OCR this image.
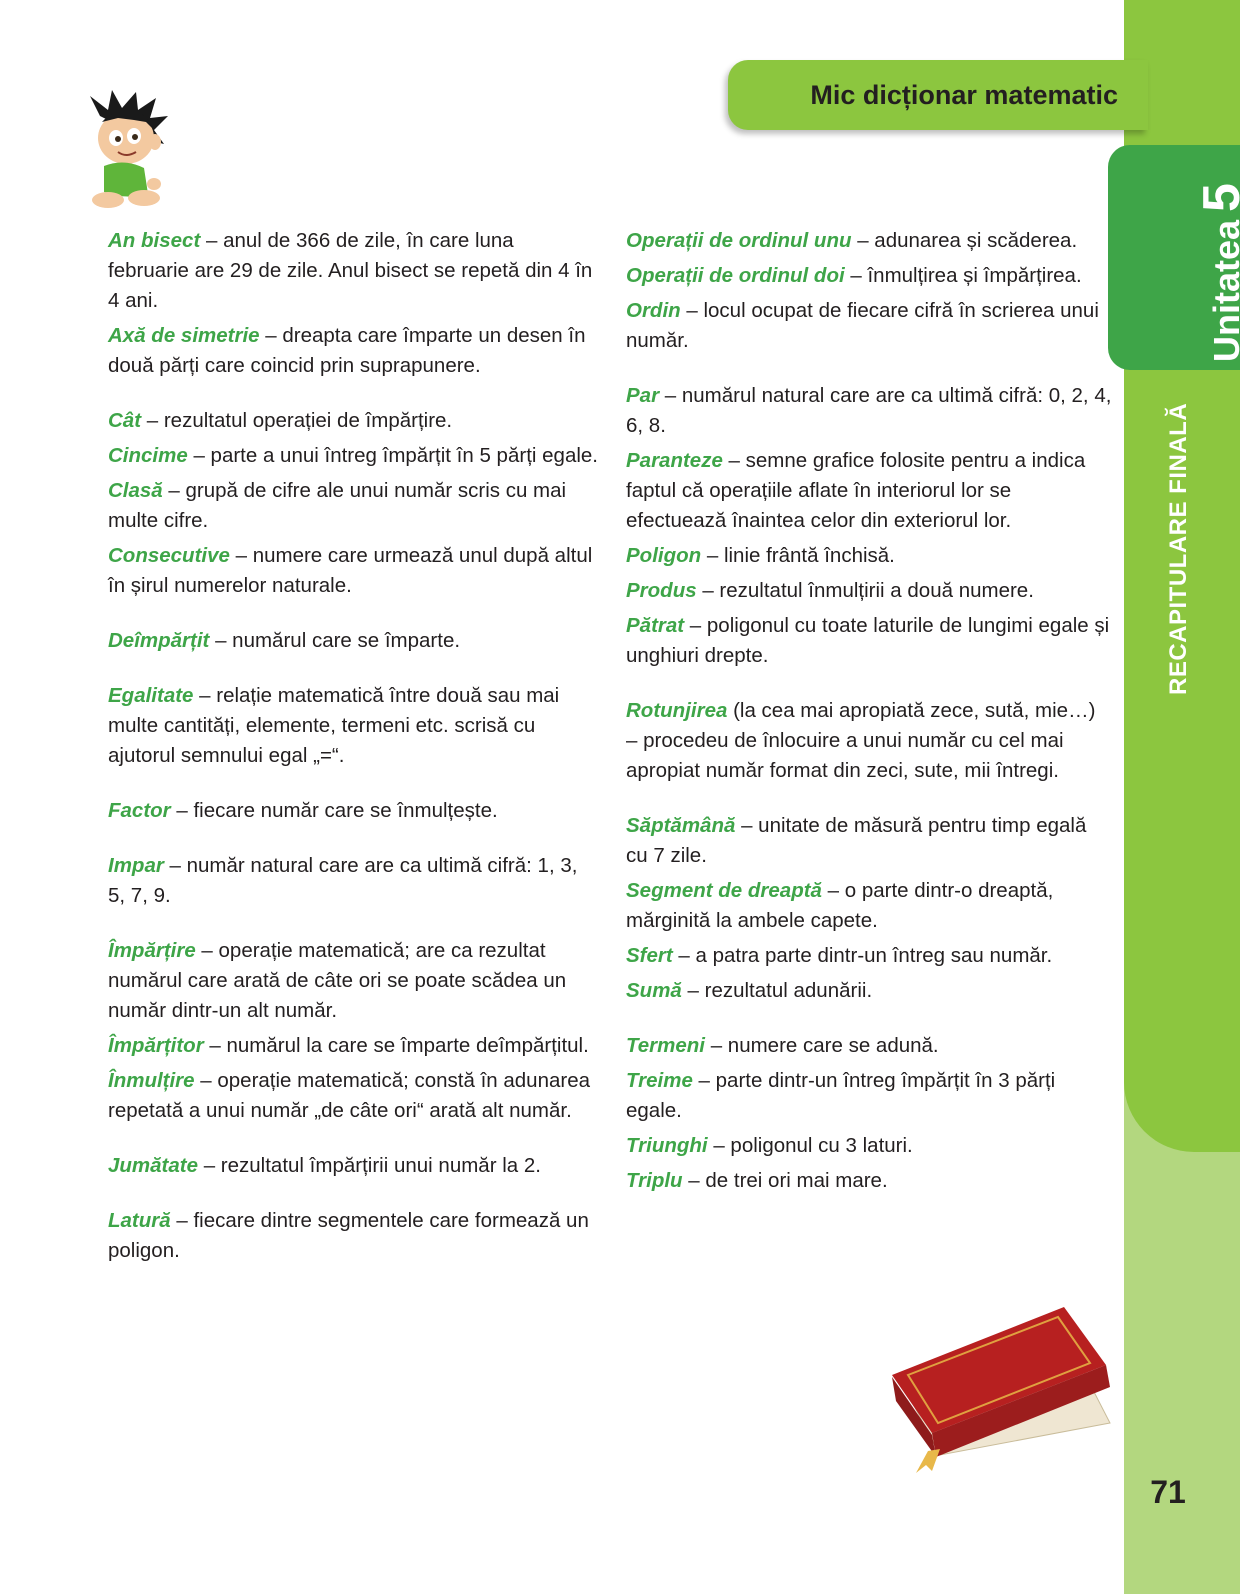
Mic dicționar matematic
Unitatea5
RECAPITULARE FINALĂ
71

An bisect – anul de 366 de zile, în care luna februarie are 29 de zile. Anul bisect se repetă din 4 în 4 ani.

Axă de simetrie – dreapta care împarte un desen în două părți care coincid prin suprapunere.

Cât – rezultatul operației de împărțire.

Cincime – parte a unui întreg împărțit în 5 părți egale.

Clasă – grupă de cifre ale unui număr scris cu mai multe cifre.

Consecutive – numere care urmează unul după altul în șirul numerelor naturale.

Deîmpărțit – numărul care se împarte.

Egalitate – relație matematică între două sau mai multe cantități, elemente, termeni etc. scrisă cu ajutorul semnului egal „=“.

Factor – fiecare număr care se înmulțește.

Impar – număr natural care are ca ultimă cifră: 1, 3, 5, 7, 9.

Împărțire – operație matematică; are ca rezultat numărul care arată de câte ori se poate scădea un număr dintr-un alt număr.

Împărțitor – numărul la care se împarte deîmpărțitul.

Înmulțire – operație matematică; constă în adunarea repetată a unui număr „de câte ori“ arată alt număr.

Jumătate – rezultatul împărțirii unui număr la 2.

Latură – fiecare dintre segmentele care formează un poligon.

Operații de ordinul unu – adunarea și scăderea.

Operații de ordinul doi – înmulțirea și împărțirea.

Ordin – locul ocupat de fiecare cifră în scrierea unui număr.

Par – numărul natural care are ca ultimă cifră: 0, 2, 4, 6, 8.

Paranteze – semne grafice folosite pentru a indica faptul că operațiile aflate în interiorul lor se efectuează înaintea celor din exteriorul lor.

Poligon – linie frântă închisă.

Produs – rezultatul înmulțirii a două numere.

Pătrat – poligonul cu toate laturile de lungimi egale și unghiuri drepte.

Rotunjirea (la cea mai apropiată zece, sută, mie…) – procedeu de înlocuire a unui număr cu cel mai apropiat număr format din zeci, sute, mii întregi.

Săptămână – unitate de măsură pentru timp egală cu 7 zile.

Segment de dreaptă – o parte dintr-o dreaptă, mărginită la ambele capete.

Sfert – a patra parte dintr-un întreg sau număr.

Sumă – rezultatul adunării.

Termeni – numere care se adună.

Treime – parte dintr-un întreg împărțit în 3 părți egale.

Triunghi – poligonul cu 3 laturi.

Triplu – de trei ori mai mare.
